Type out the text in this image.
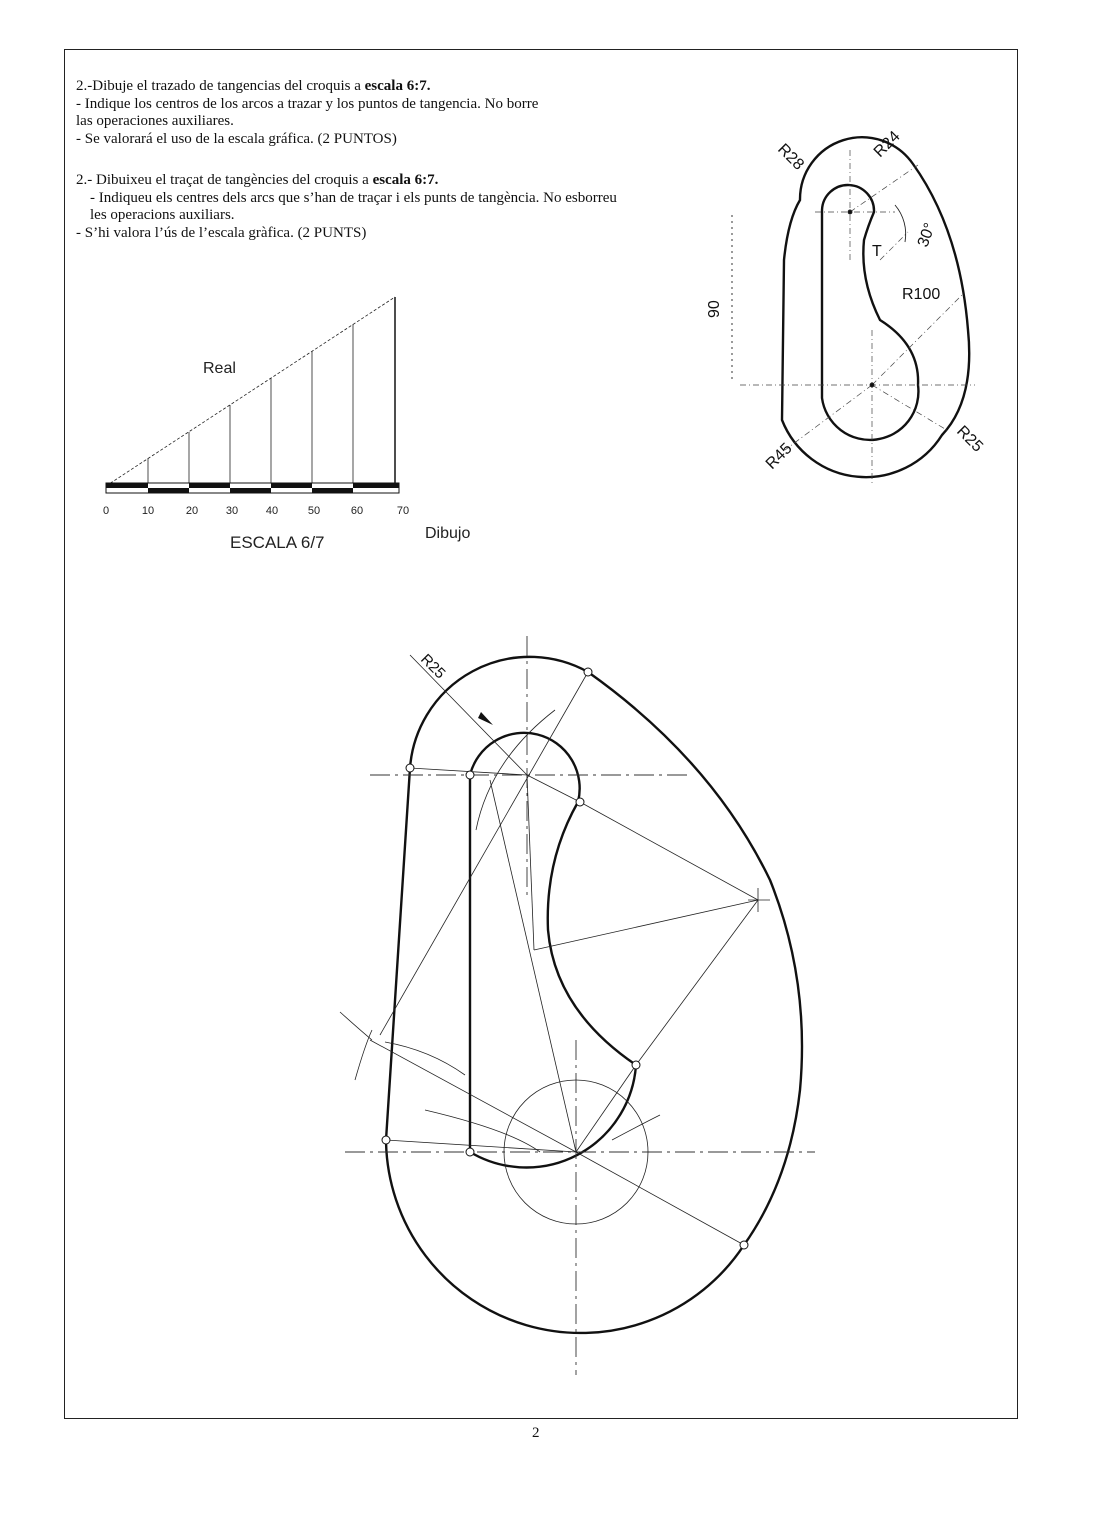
2.-Dibuje el trazado de tangencias del croquis a escala 6:7.
- Indique los centros de los arcos a trazar y los puntos de tangencia. No borre
las operaciones auxiliares.
- Se valorará el uso de la escala gráfica. (2 PUNTOS)
2.- Dibuixeu el traçat de tangències del croquis a escala 6:7.
- Indiqueu els centres dels arcs que s’han de traçar i els punts de tangència. No esborreu
les operacions auxiliars.
- S’hi valora l’ús de l’escala gràfica. (2 PUNTS)
Real
Dibujo
ESCALA 6/7
0	10	20	30	40	50	60	70
90
R28	R24
30°
T
R100
R45
R25
R25
2
